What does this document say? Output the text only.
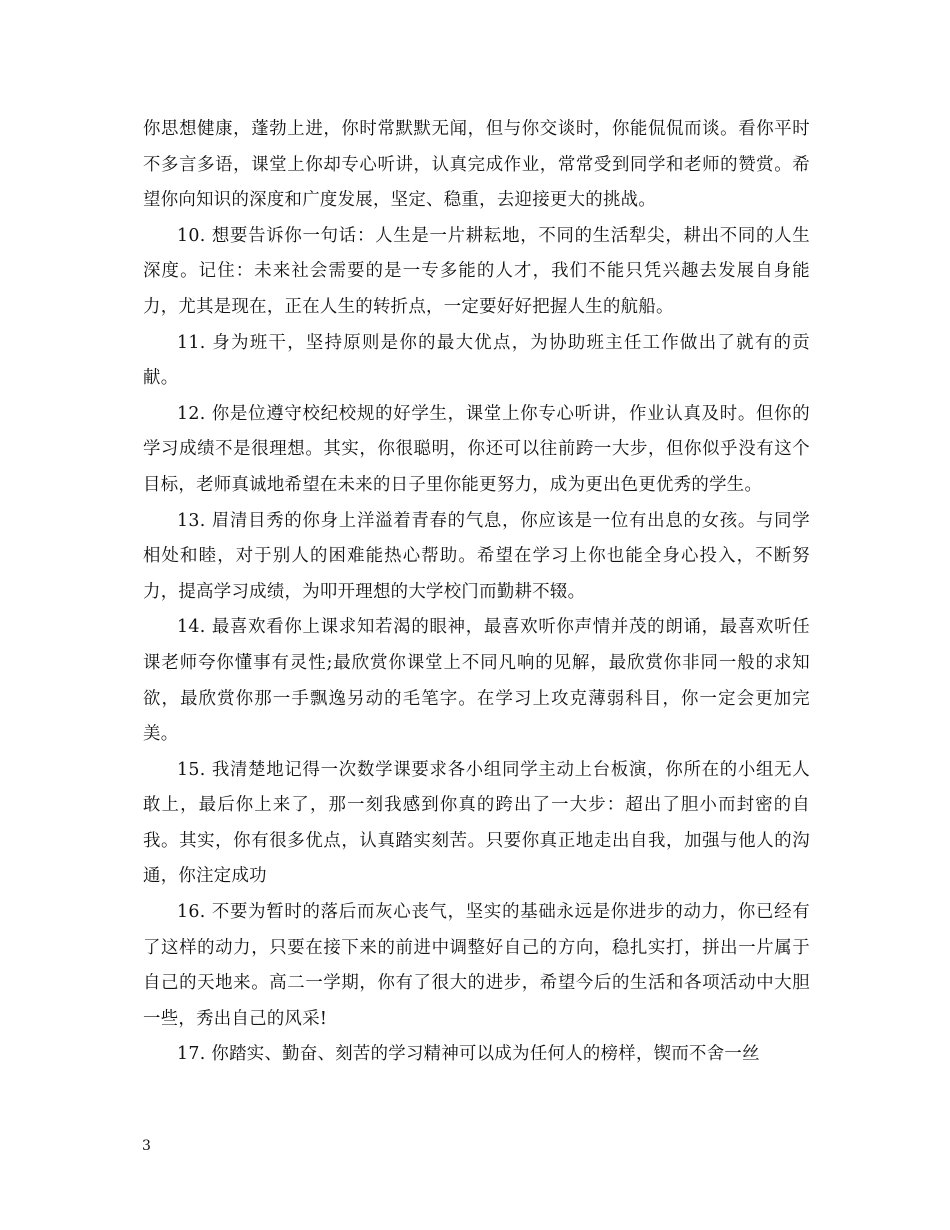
你思想健康，蓬勃上进，你时常默默无闻，但与你交谈时，你能侃侃而谈。看你平时不多言多语，课堂上你却专心听讲，认真完成作业，常常受到同学和老师的赞赏。希望你向知识的深度和广度发展，坚定、稳重，去迎接更大的挑战。

10. 想要告诉你一句话：人生是一片耕耘地，不同的生活犁尖，耕出不同的人生深度。记住：未来社会需要的是一专多能的人才，我们不能只凭兴趣去发展自身能力，尤其是现在，正在人生的转折点，一定要好好把握人生的航船。

11. 身为班干，坚持原则是你的最大优点，为协助班主任工作做出了就有的贡献。

12. 你是位遵守校纪校规的好学生，课堂上你专心听讲，作业认真及时。但你的学习成绩不是很理想。其实，你很聪明，你还可以往前跨一大步，但你似乎没有这个目标，老师真诚地希望在未来的日子里你能更努力，成为更出色更优秀的学生。

13. 眉清目秀的你身上洋溢着青春的气息，你应该是一位有出息的女孩。与同学相处和睦，对于别人的困难能热心帮助。希望在学习上你也能全身心投入，不断努力，提高学习成绩，为叩开理想的大学校门而勤耕不辍。

14. 最喜欢看你上课求知若渴的眼神，最喜欢听你声情并茂的朗诵，最喜欢听任课老师夸你懂事有灵性;最欣赏你课堂上不同凡响的见解，最欣赏你非同一般的求知欲，最欣赏你那一手飘逸另动的毛笔字。在学习上攻克薄弱科目，你一定会更加完美。

15. 我清楚地记得一次数学课要求各小组同学主动上台板演，你所在的小组无人敢上，最后你上来了，那一刻我感到你真的跨出了一大步：超出了胆小而封密的自我。其实，你有很多优点，认真踏实刻苦。只要你真正地走出自我，加强与他人的沟通，你注定成功

16. 不要为暂时的落后而灰心丧气，坚实的基础永远是你进步的动力，你已经有了这样的动力，只要在接下来的前进中调整好自己的方向，稳扎实打，拼出一片属于自己的天地来。高二一学期，你有了很大的进步，希望今后的生活和各项活动中大胆一些，秀出自己的风采!

17. 你踏实、勤奋、刻苦的学习精神可以成为任何人的榜样，锲而不舍一丝

3
